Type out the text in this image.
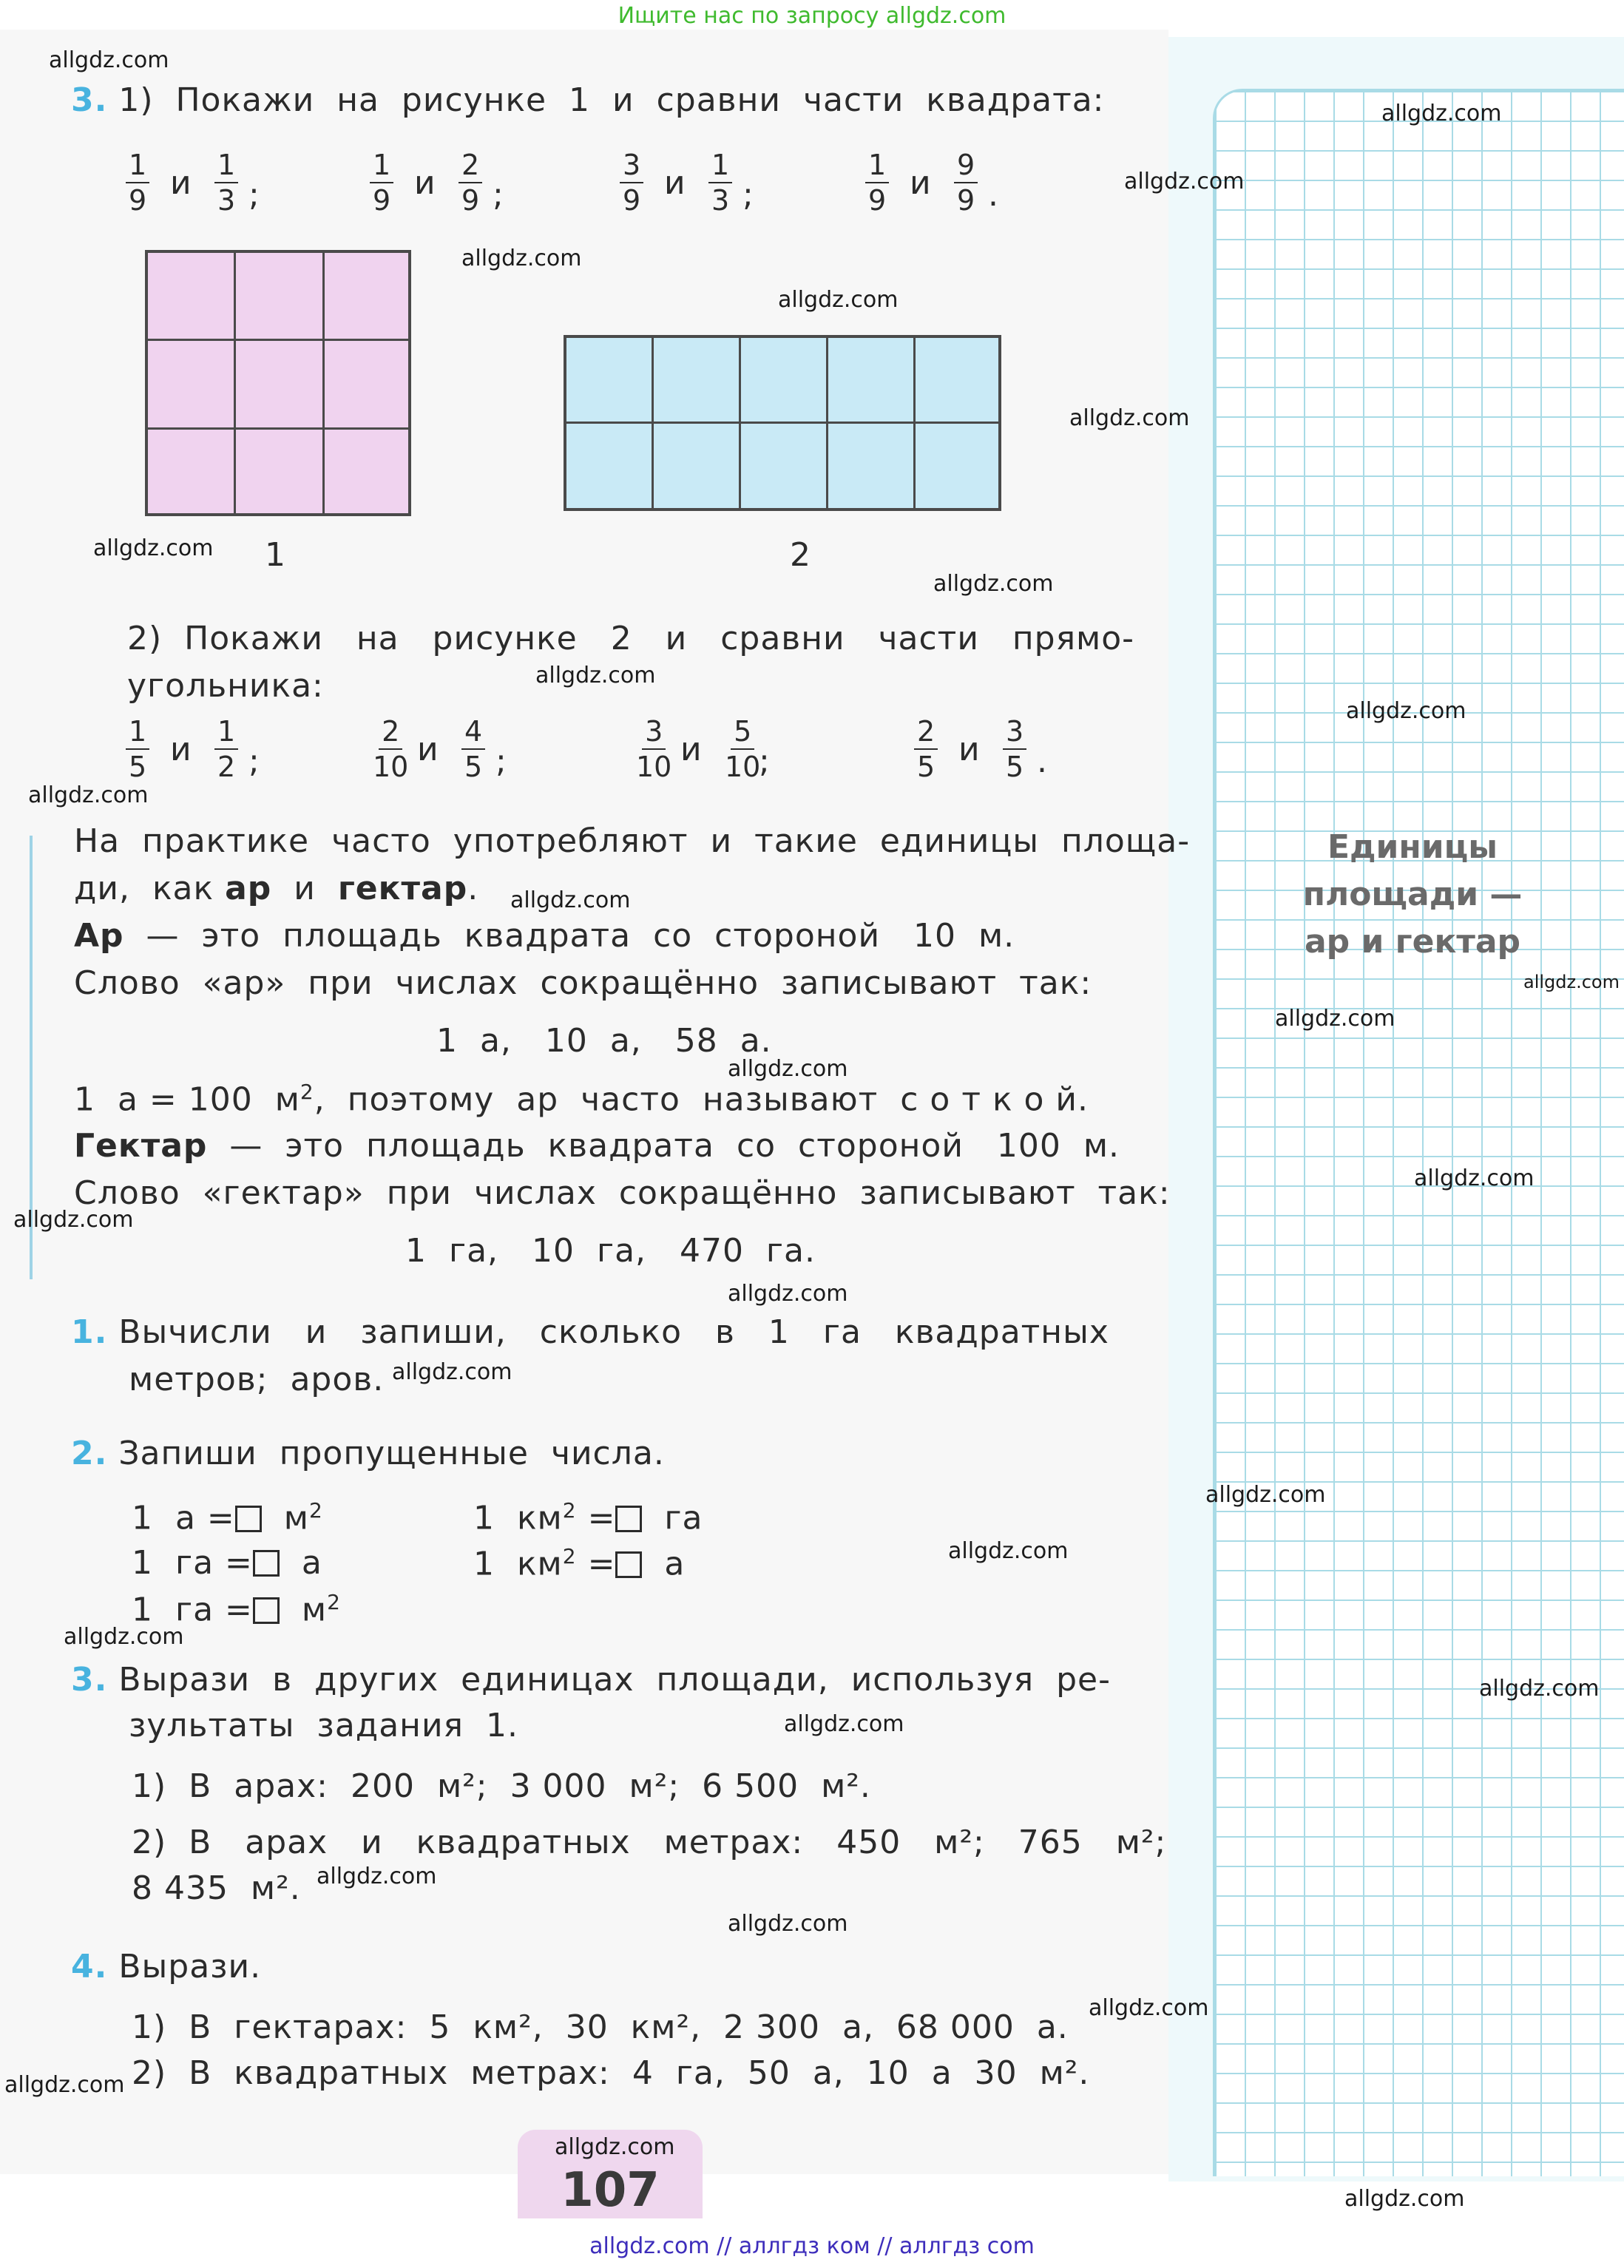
Ищите нас по запросу allgdz.com
3. 1)  Покажи  на  рисунке  1  и  сравни  части  квадрата:
$\frac{1}{9}$ и $\frac{1}{3}$ ;	$\frac{1}{9}$ и $\frac{2}{9}$ ;	$\frac{3}{9}$ и $\frac{1}{3}$ ;	$\frac{1}{9}$ и $\frac{9}{9}$ .
1	2
2)  Покажи   на   рисунке   2   и   сравни   части   прямо-
угольника:
$\frac{1}{5}$ и $\frac{1}{2}$ ;	$\frac{2}{10}$ и $\frac{4}{5}$ ;	$\frac{3}{10}$ и $\frac{5}{10}$
;	$\frac{2}{5}$ и $\frac{3}{5}$ .
На  практике  часто  употребляют  и  такие  единицы  площа-
ди,  как ар  и  гектар.
Ар  —  это  площадь  квадрата  со  стороной   10  м.
Слово  «ар»  при  числах  сокращённо  записывают  так:
1  а,   10  а,   58  а.
1  а = 100  $м^2$,  поэтому  ар  часто  называют  с о т к о й.
Гектар  —  это  площадь  квадрата  со  стороной   100  м.
Слово  «гектар»  при  числах  сокращённо  записывают  так:
1  га,   10  га,   470  га.
Единицы
площади —
ар и гектар
1. Вычисли   и   запиши,   сколько   в   1   га   квадратных
метров;  аров.
2. Запиши  пропущенные  числа.
1  $а = м^2$	1  $км^2$ = га
1  га = а	1  $км^2 = а$
1  га = $м^2$
3. Вырази  в  других  единицах  площади,  используя  ре-
зультаты  задания  1.
1)  В  арах:  200  м²;  3 000  м²;  6 500  м².
2)  В   арах   и   квадратных   метрах:   450   м²;   765   м²;
8 435  м².
4. Вырази.
1)  В  гектарах:  5  км²,  30  км²,  2 300  а,  68 000  а.
2)  В  квадратных  метрах:  4  га,  50  а,  10  а  30  м².
107
allgdz.com
allgdz.com
allgdz.com
allgdz.com
allgdz.com
allgdz.com
allgdz.com
allgdz.com
allgdz.com
allgdz.com
allgdz.com
allgdz.com
allgdz.com
allgdz.com
allgdz.com
allgdz.com
allgdz.com
allgdz.com
allgdz.com
allgdz.com
allgdz.com
allgdz.com
allgdz.com
allgdz.com
allgdz.com
allgdz.com
allgdz.com
allgdz.com
allgdz.com
allgdz.com
allgdz.com // аллгдз ком // аллгдз com
